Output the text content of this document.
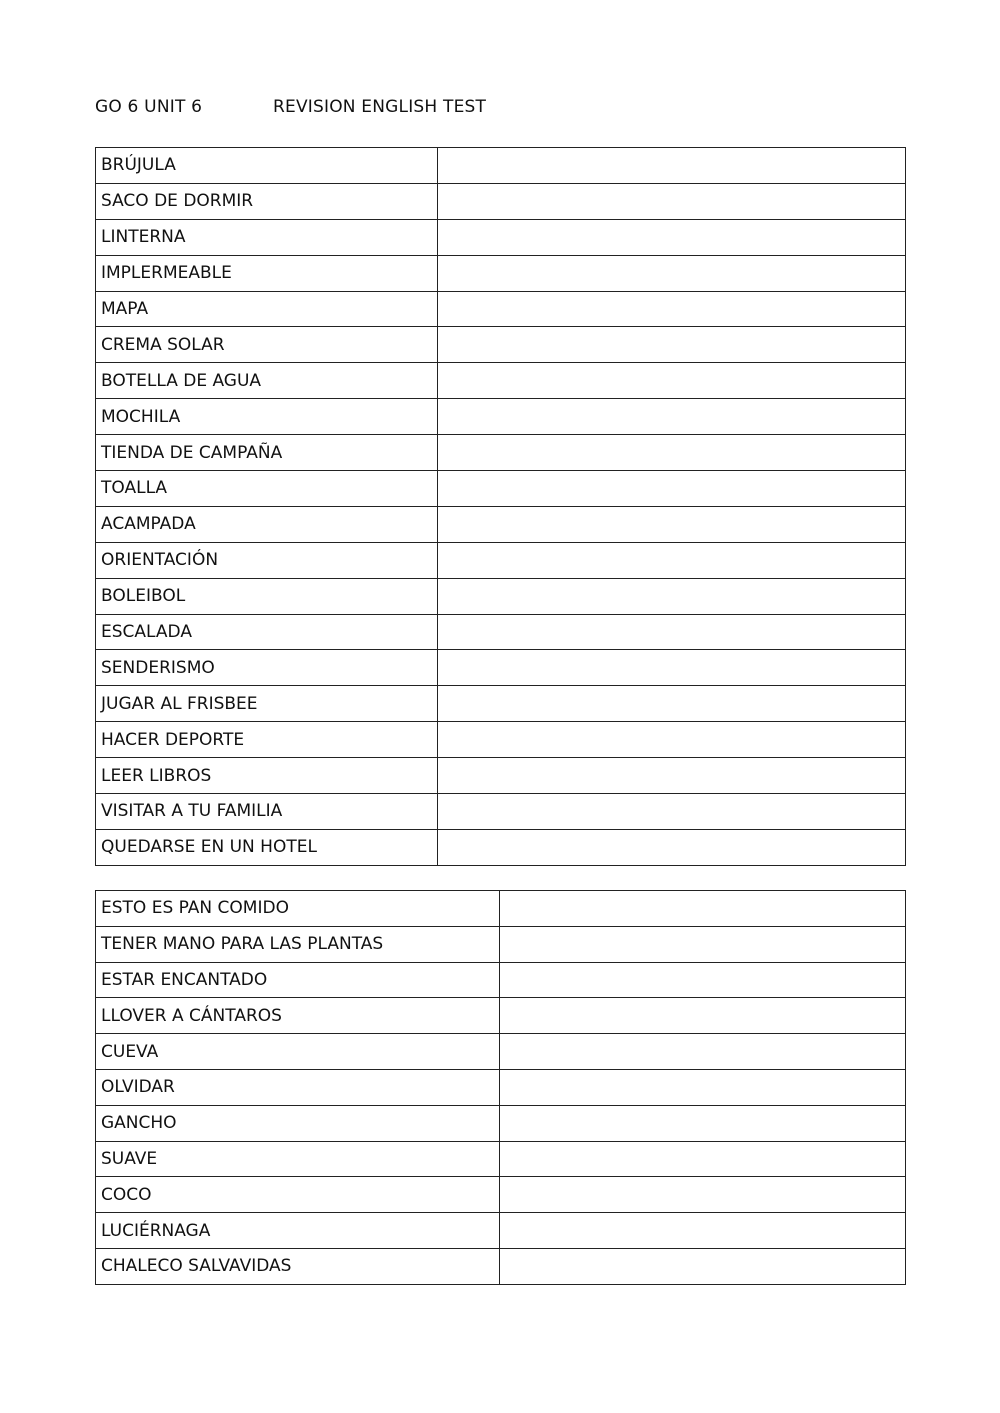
GO 6 UNIT 6	REVISION ENGLISH TEST
BRÚJULA	
SACO DE DORMIR	
LINTERNA	
IMPLERMEABLE	
MAPA	
CREMA SOLAR	
BOTELLA DE AGUA	
MOCHILA	
TIENDA DE CAMPAÑA	
TOALLA	
ACAMPADA	
ORIENTACIÓN	
BOLEIBOL	
ESCALADA	
SENDERISMO	
JUGAR AL FRISBEE	
HACER DEPORTE	
LEER LIBROS	
VISITAR A TU FAMILIA	
QUEDARSE EN UN HOTEL	
ESTO ES PAN COMIDO	
TENER MANO PARA LAS PLANTAS	
ESTAR ENCANTADO	
LLOVER A CÁNTAROS	
CUEVA	
OLVIDAR	
GANCHO	
SUAVE	
COCO	
LUCIÉRNAGA	
CHALECO SALVAVIDAS	
